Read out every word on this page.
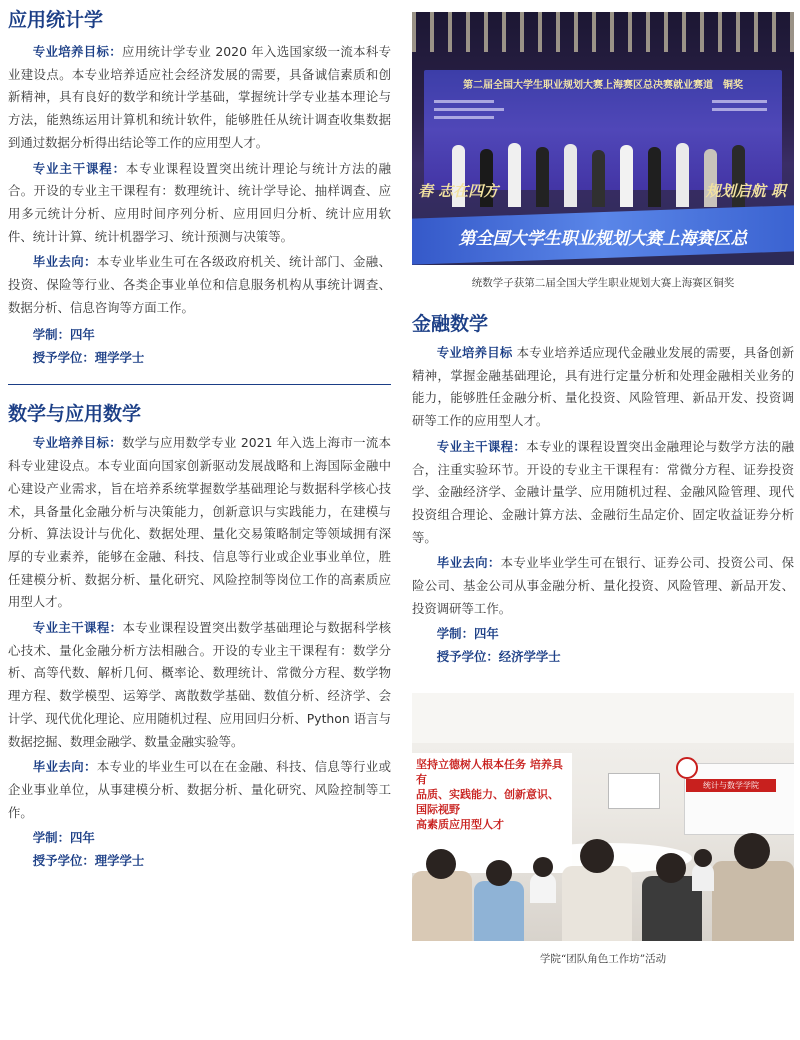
应用统计学

专业培养目标：应用统计学专业 2020 年入选国家级一流本科专业建设点。本专业培养适应社会经济发展的需要，具备诚信素质和创新精神，具有良好的数学和统计学基础，掌握统计学专业基本理论与方法，能熟练运用计算机和统计软件，能够胜任从统计调查收集数据到通过数据分析得出结论等工作的应用型人才。

专业主干课程：本专业课程设置突出统计理论与统计方法的融合。开设的专业主干课程有：数理统计、统计学导论、抽样调查、应用多元统计分析、应用时间序列分析、应用回归分析、统计应用软件、统计计算、统计机器学习、统计预测与决策等。

毕业去向：本专业毕业生可在各级政府机关、统计部门、金融、投资、保险等行业、各类企事业单位和信息服务机构从事统计调查、数据分析、信息咨询等方面工作。

学制：四年

授予学位：理学学士

数学与应用数学

专业培养目标：数学与应用数学专业 2021 年入选上海市一流本科专业建设点。本专业面向国家创新驱动发展战略和上海国际金融中心建设产业需求，旨在培养系统掌握数学基础理论与数据科学核心技术，具备量化金融分析与决策能力，创新意识与实践能力，在建模与分析、算法设计与优化、数据处理、量化交易策略制定等领域拥有深厚的专业素养，能够在金融、科技、信息等行业或企业事业单位，胜任建模分析、数据分析、量化研究、风险控制等岗位工作的高素质应用型人才。

专业主干课程：本专业课程设置突出数学基础理论与数据科学核心技术、量化金融分析方法相融合。开设的专业主干课程有：数学分析、高等代数、解析几何、概率论、数理统计、常微分方程、数学物理方程、数学模型、运筹学、离散数学基础、数值分析、经济学、会计学、现代优化理论、应用随机过程、应用回归分析、Python 语言与数据挖掘、数理金融学、数量金融实验等。

毕业去向：本专业的毕业生可以在在金融、科技、信息等行业或企业事业单位，从事建模分析、数据分析、量化研究、风险控制等工作。

学制：四年

授予学位：理学学士

第二届全国大学生职业规划大赛上海赛区总决赛就业赛道　铜奖
春 志在四方	规划启航 职
第全国大学生职业规划大赛上海赛区总

统数学子获第二届全国大学生职业规划大赛上海赛区铜奖

金融数学

专业培养目标 本专业培养适应现代金融业发展的需要，具备创新精神，掌握金融基础理论，具有进行定量分析和处理金融相关业务的能力，能够胜任金融分析、量化投资、风险管理、新品开发、投资调研等工作的应用型人才。

专业主干课程：本专业的课程设置突出金融理论与数学方法的融合，注重实验环节。开设的专业主干课程有：常微分方程、证券投资学、金融经济学、金融计量学、应用随机过程、金融风险管理、现代投资组合理论、金融计算方法、金融衍生品定价、固定收益证券分析等。

毕业去向：本专业毕业学生可在银行、证券公司、投资公司、保险公司、基金公司从事金融分析、量化投资、风险管理、新品开发、投资调研等工作。

学制：四年

授予学位：经济学学士

坚持立德树人根本任务 培养具有
品质、实践能力、创新意识、国际视野
高素质应用型人才
统计与数学学院

学院“团队角色工作坊”活动
